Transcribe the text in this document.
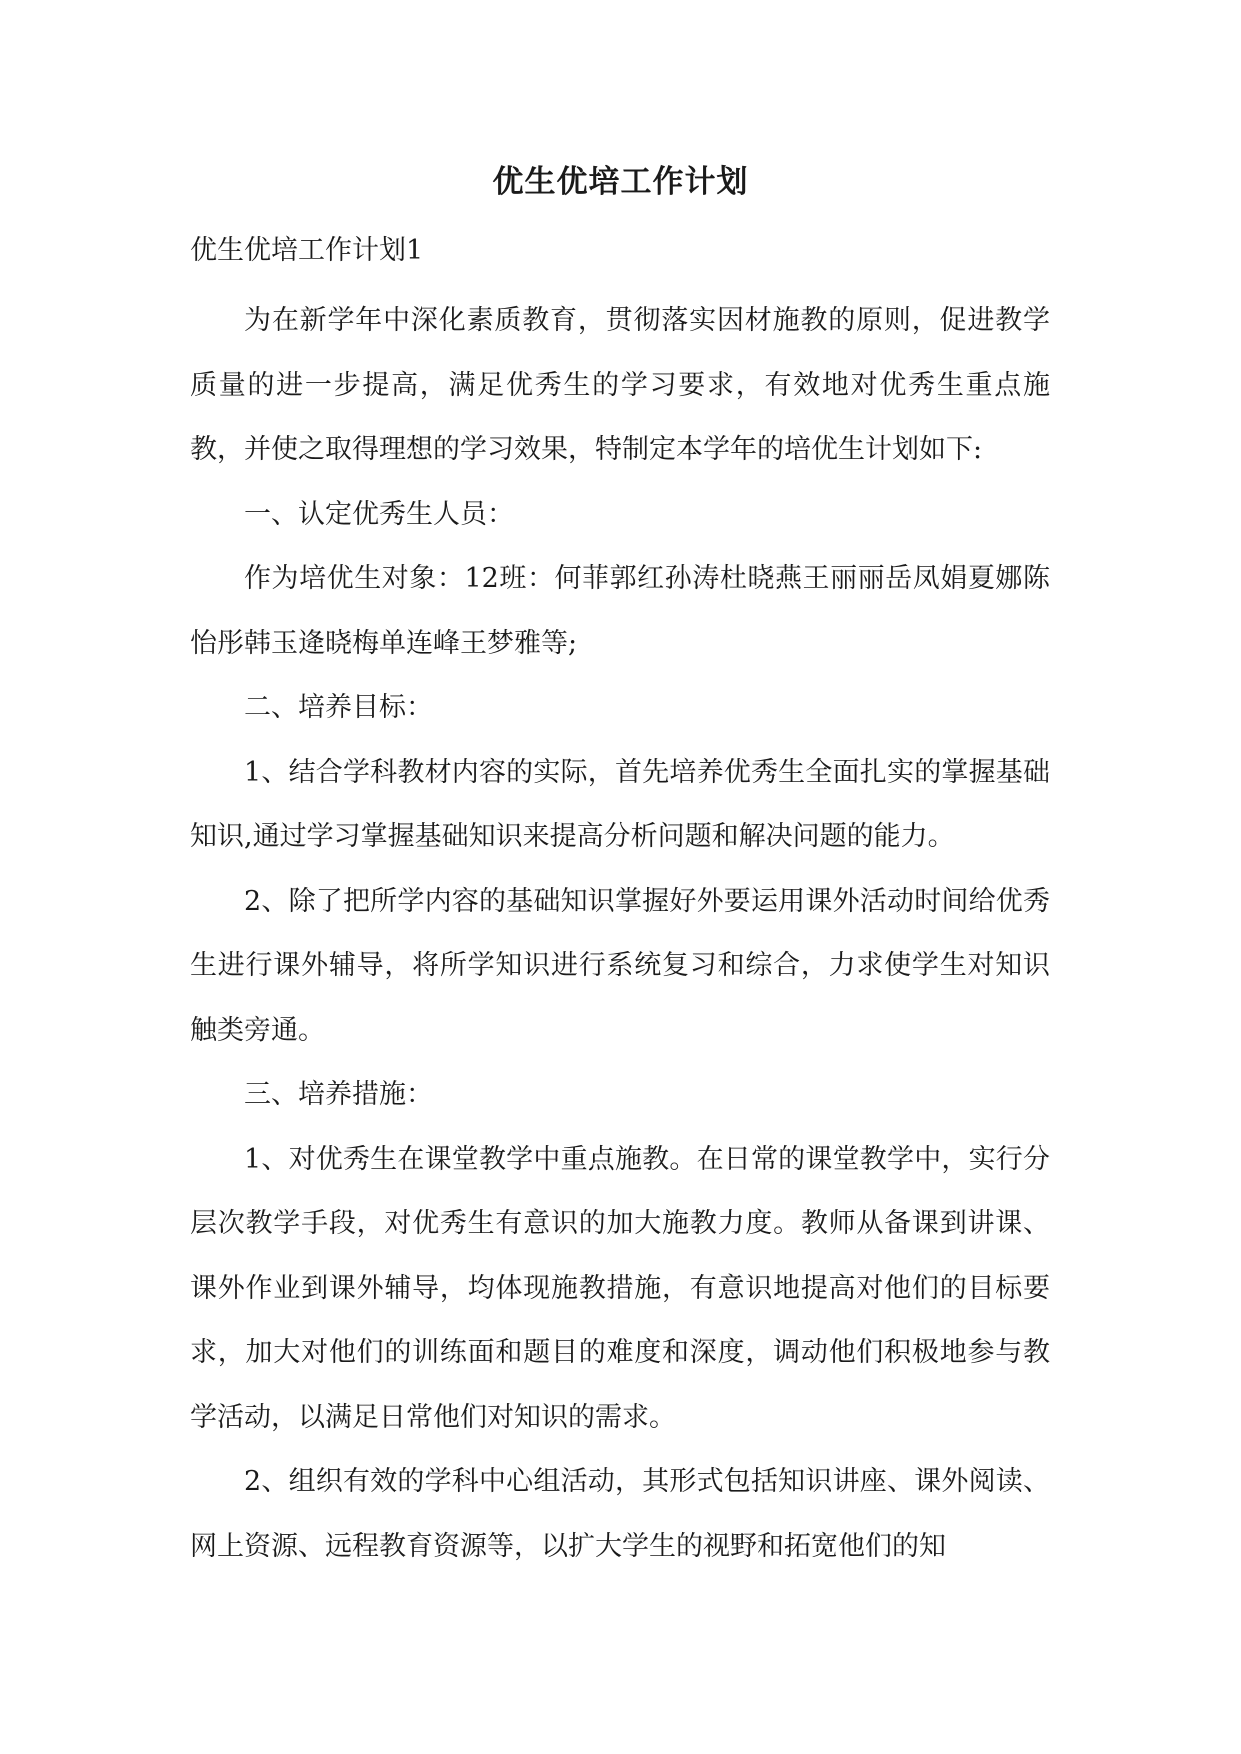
优生优培工作计划
优生优培工作计划1

为在新学年中深化素质教育，贯彻落实因材施教的原则，促进教学质量的进一步提高，满足优秀生的学习要求，有效地对优秀生重点施教，并使之取得理想的学习效果，特制定本学年的培优生计划如下:

一、认定优秀生人员：

作为培优生对象：12班：何菲郭红孙涛杜晓燕王丽丽岳凤娟夏娜陈怡彤韩玉逄晓梅单连峰王梦雅等;

二、培养目标：

1、结合学科教材内容的实际，首先培养优秀生全面扎实的掌握基础知识,通过学习掌握基础知识来提高分析问题和解决问题的能力。

2、除了把所学内容的基础知识掌握好外要运用课外活动时间给优秀生进行课外辅导，将所学知识进行系统复习和综合，力求使学生对知识触类旁通。

三、培养措施：

1、对优秀生在课堂教学中重点施教。在日常的课堂教学中，实行分层次教学手段，对优秀生有意识的加大施教力度。教师从备课到讲课、课外作业到课外辅导，均体现施教措施，有意识地提高对他们的目标要求，加大对他们的训练面和题目的难度和深度，调动他们积极地参与教学活动，以满足日常他们对知识的需求。

2、组织有效的学科中心组活动，其形式包括知识讲座、课外阅读、网上资源、远程教育资源等，以扩大学生的视野和拓宽他们的知
